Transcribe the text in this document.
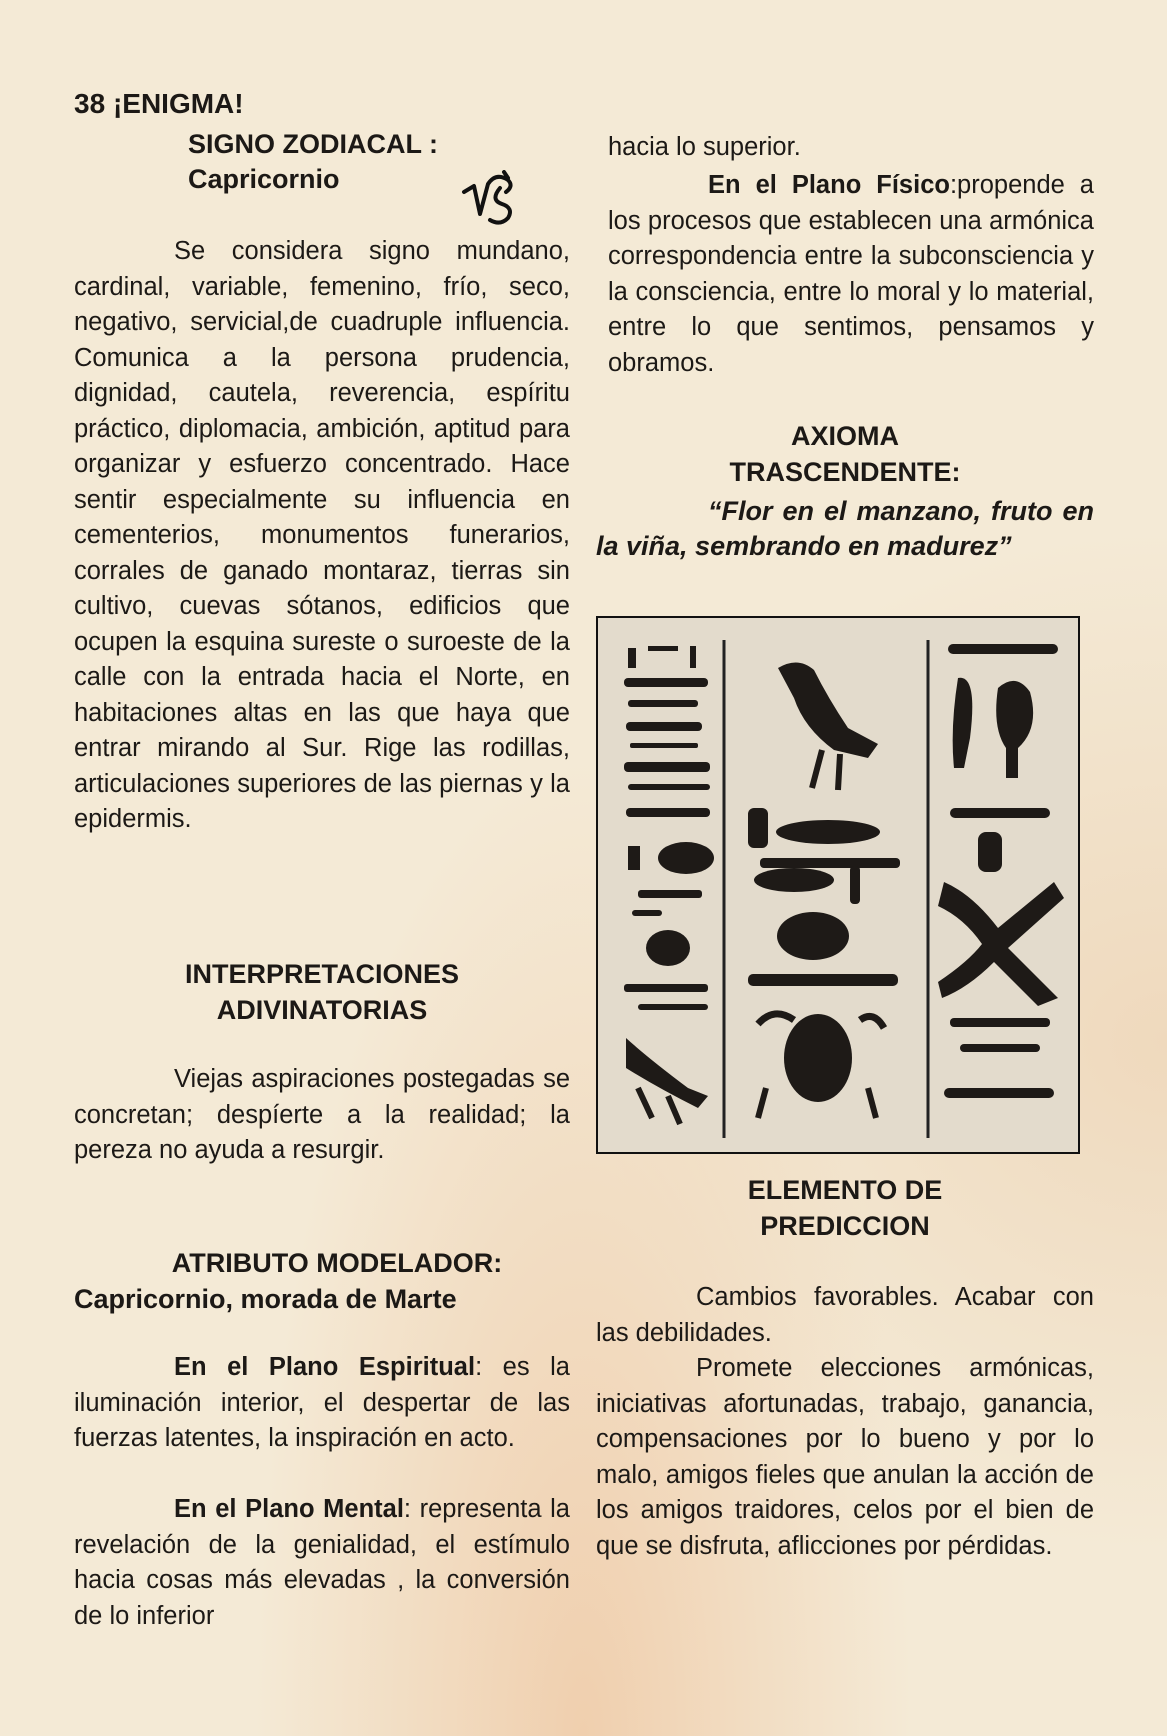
38 ¡ENIGMA!

SIGNO ZODIACAL :

Capricornio

Se considera signo mundano, cardinal, variable, femenino, frío, seco, negativo, servicial,de cuadruple influencia. Comunica a la persona prudencia, dignidad, cautela, reverencia, espíritu práctico, diplomacia, ambición, aptitud para organizar y esfuerzo concentrado. Hace sentir especialmente su influencia en cementerios, monumentos funerarios, corrales de ganado montaraz, tierras sin cultivo, cuevas sótanos, edificios que ocupen la esquina sureste o suroeste de la calle con la entrada hacia el Norte, en habitaciones altas en las que haya que entrar mirando al Sur. Rige las rodillas, articulaciones superiores de las piernas y la epidermis.

INTERPRETACIONES
ADIVINATORIAS

Viejas aspiraciones postegadas se concretan; despíerte a la realidad; la pereza no ayuda a resurgir.

ATRIBUTO MODELADOR:

Capricornio, morada de Marte

En el Plano Espiritual: es la iluminación interior, el despertar de las fuerzas latentes, la inspiración en acto.

En el Plano Mental: representa la revelación de la genialidad, el estímulo hacia cosas más elevadas , la conversión de lo inferior

hacia lo superior.

En el Plano Físico:propende a los procesos que establecen una armónica correspondencia entre la subconsciencia y la consciencia, entre lo moral y lo material, entre lo que sentimos, pensamos y obramos.

AXIOMA
TRASCENDENTE:

“Flor en el manzano, fruto en la viña, sembrando en madurez”

ELEMENTO DE
PREDICCION

Cambios favorables. Acabar con las debilidades.

Promete elecciones armónicas, iniciativas afortunadas, trabajo, ganancia, compensaciones por lo bueno y por lo malo, amigos fieles que anulan la acción de los amigos traidores, celos por el bien de que se disfruta, aflicciones por pérdidas.
